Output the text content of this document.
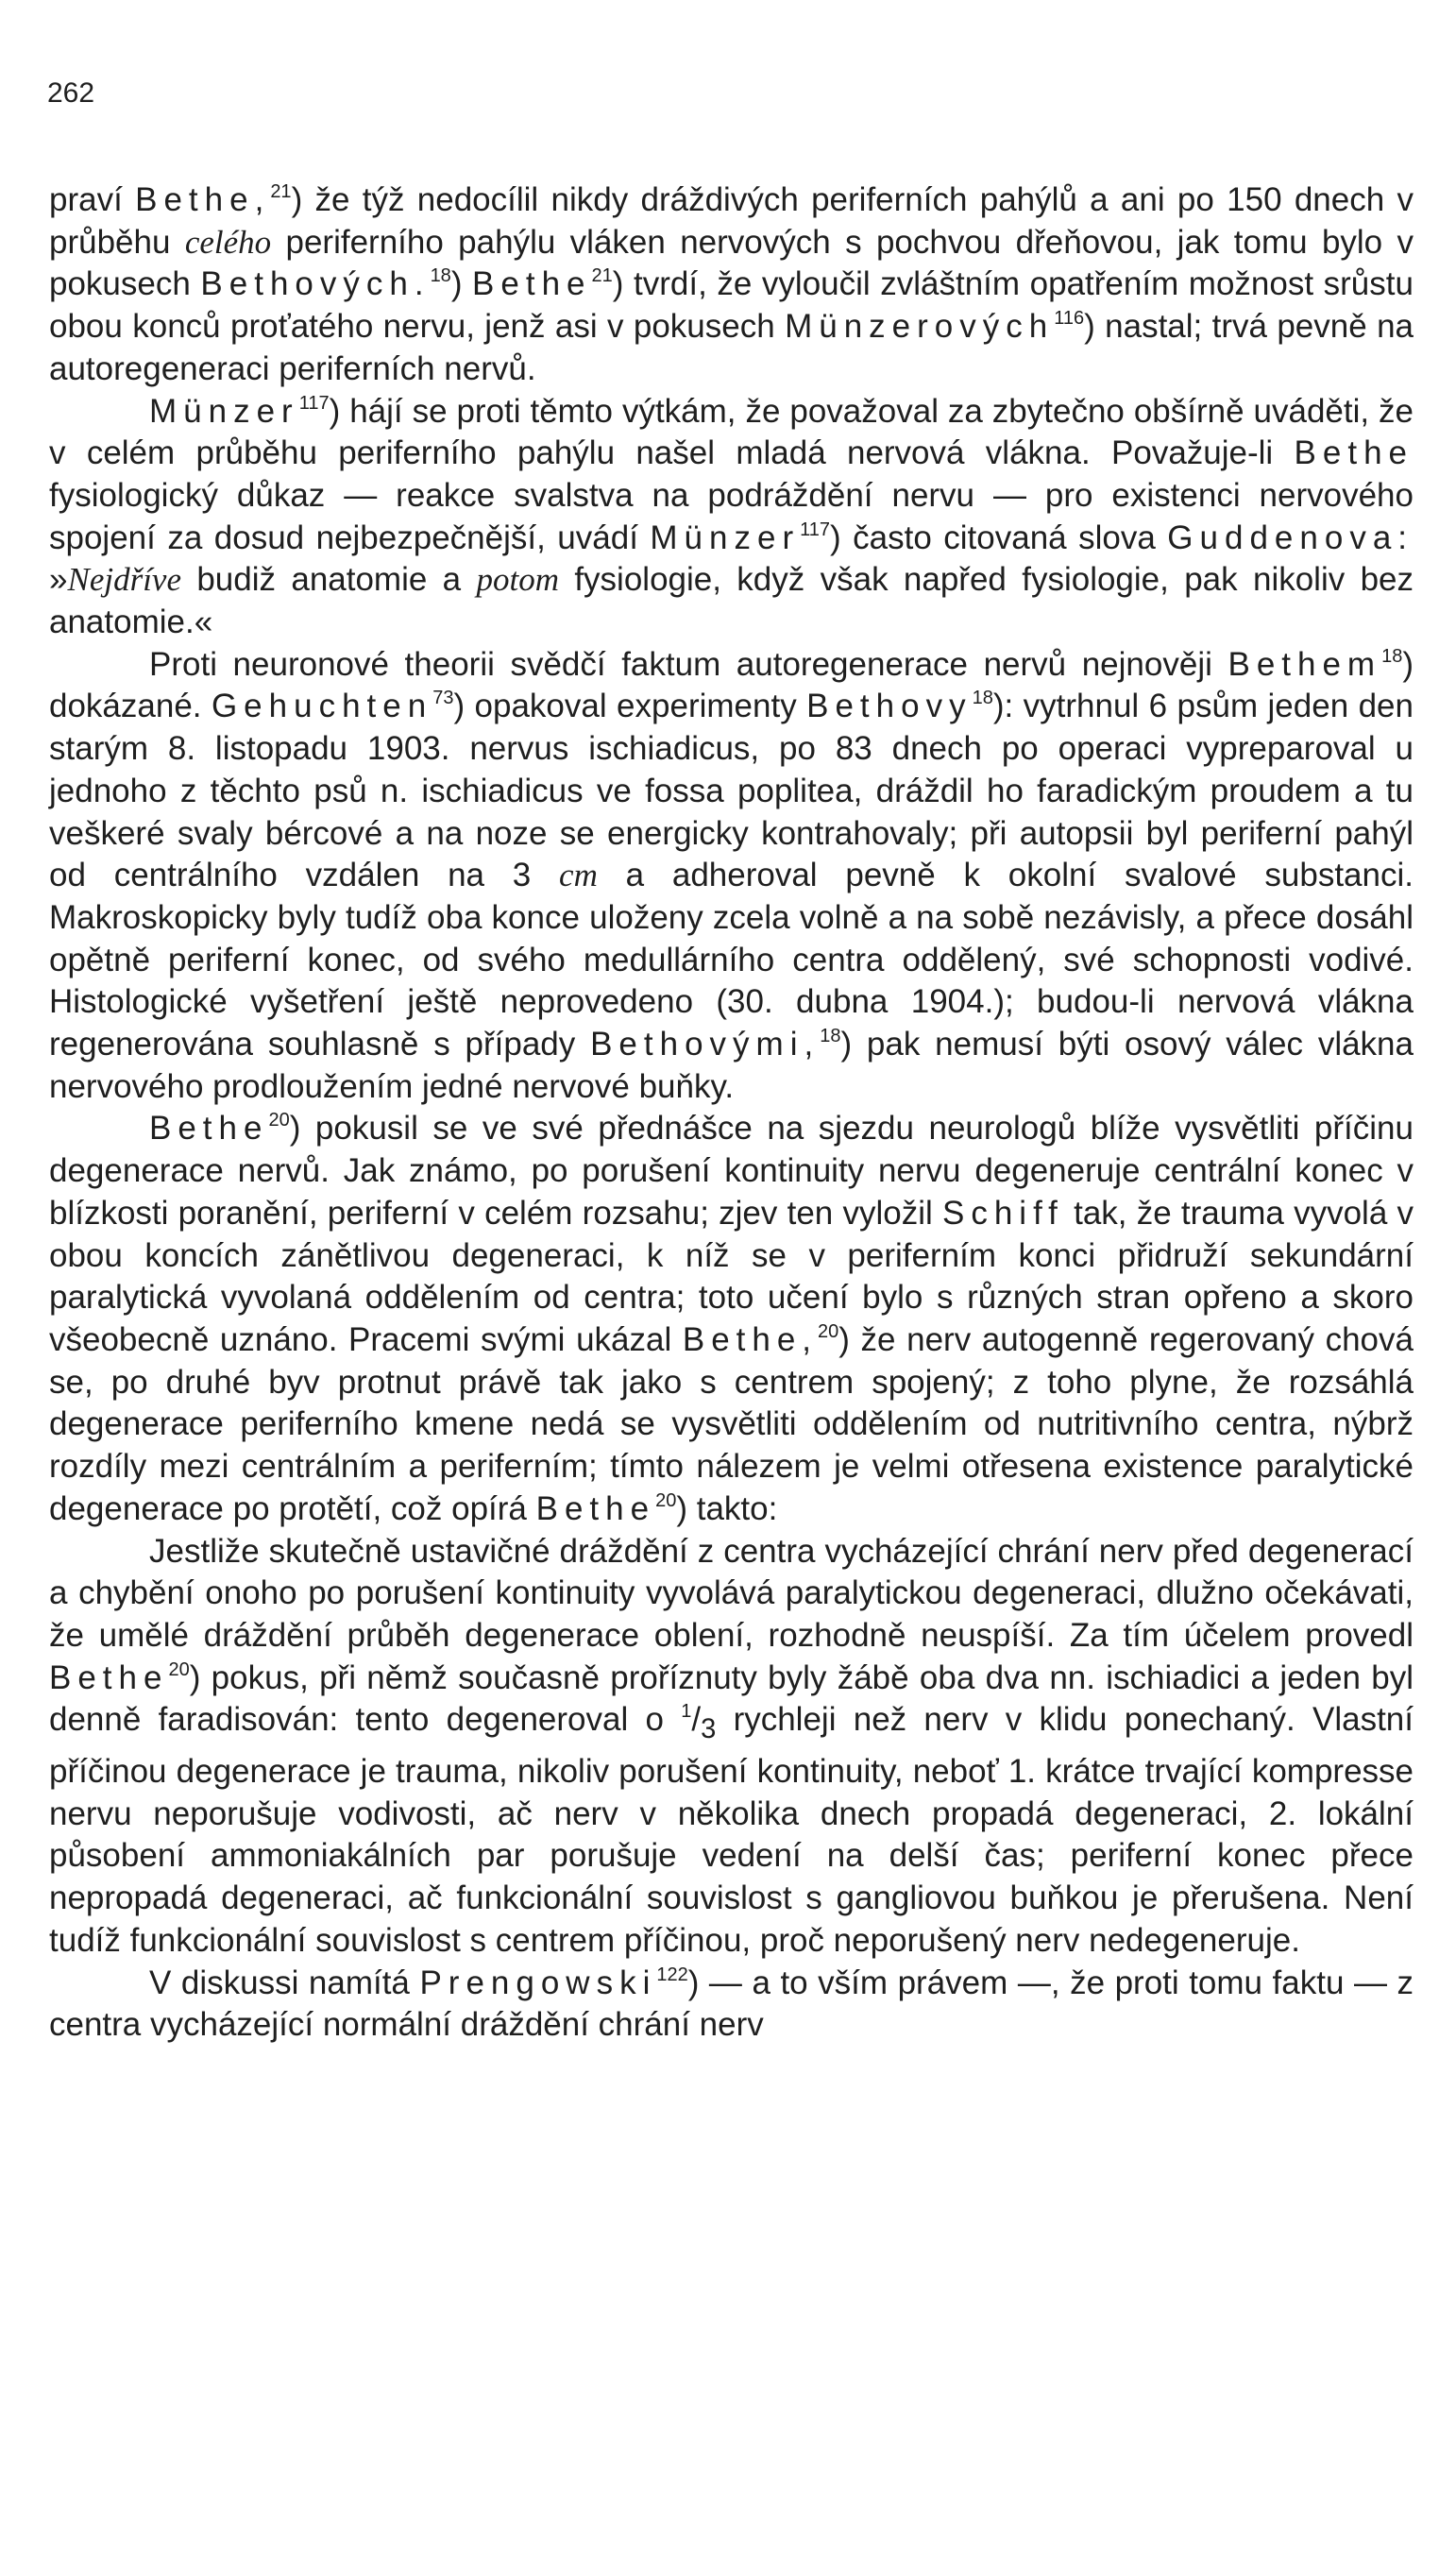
262

praví Bethe,$^{21}$) že týž nedocílil nikdy dráždivých periferních pahýlů a ani po 150 dnech v průběhu celého periferního pahýlu vláken nervových s pochvou dřeňovou, jak tomu bylo v pokusech Bethových.$^{18}$) Bethe$^{21}$) tvrdí, že vyloučil zvláštním opatřením možnost srůstu obou konců proťatého nervu, jenž asi v pokusech Münzerových$^{116}$) nastal; trvá pevně na autoregeneraci periferních nervů.

Münzer$^{117}$) hájí se proti těmto výtkám, že považoval za zbytečno obšírně uváděti, že v celém průběhu periferního pahýlu našel mladá nervová vlákna. Považuje-li Bethe fysiologický důkaz — reakce svalstva na podráždění nervu — pro existenci nervového spojení za dosud nejbezpečnější, uvádí Münzer$^{117}$) často citovaná slova Guddenova: »Nejdříve budiž anatomie a potom fysiologie, když však napřed fysiologie, pak nikoliv bez anatomie.«

Proti neuronové theorii svědčí faktum autoregenerace nervů nejnověji Bethem$^{18}$) dokázané. Gehuchten$^{73}$) opakoval experimenty Bethovy$^{18}$): vytrhnul 6 psům jeden den starým 8. listopadu 1903. nervus ischiadicus, po 83 dnech po operaci vypreparoval u jednoho z těchto psů n. ischiadicus ve fossa poplitea, dráždil ho faradickým proudem a tu veškeré svaly bércové a na noze se energicky kontrahovaly; při autopsii byl periferní pahýl od centrálního vzdálen na 3 cm a adheroval pevně k okolní svalové substanci. Makroskopicky byly tudíž oba konce uloženy zcela volně a na sobě nezávisly, a přece dosáhl opětně periferní konec, od svého medullárního centra oddělený, své schopnosti vodivé. Histologické vyšetření ještě neprovedeno (30. dubna 1904.); budou-li nervová vlákna regenerována souhlasně s případy Bethovými,$^{18}$) pak nemusí býti osový válec vlákna nervového prodloužením jedné nervové buňky.

Bethe$^{20}$) pokusil se ve své přednášce na sjezdu neurologů blíže vysvětliti příčinu degenerace nervů. Jak známo, po porušení kontinuity nervu degeneruje centrální konec v blízkosti poranění, periferní v celém rozsahu; zjev ten vyložil Schiff tak, že trauma vyvolá v obou koncích zánětlivou degeneraci, k níž se v periferním konci přidruží sekundární paralytická vyvolaná oddělením od centra; toto učení bylo s různých stran opřeno a skoro všeobecně uznáno. Pracemi svými ukázal Bethe,$^{20}$) že nerv autogenně regerovaný chová se, po druhé byv protnut právě tak jako s centrem spojený; z toho plyne, že rozsáhlá degenerace periferního kmene nedá se vysvětliti oddělením od nutritivního centra, nýbrž rozdíly mezi centrálním a periferním; tímto nálezem je velmi otřesena existence paralytické degenerace po protětí, což opírá Bethe$^{20}$) takto:

Jestliže skutečně ustavičné dráždění z centra vycházející chrání nerv před degenerací a chybění onoho po porušení kontinuity vyvolává paralytickou degeneraci, dlužno očekávati, že umělé dráždění průběh degenerace oblení, rozhodně neuspíší. Za tím účelem provedl Bethe$^{20}$) pokus, při němž současně proříznuty byly žábě oba dva nn. ischiadici a jeden byl denně faradisován: tento degeneroval o $^1/_3$ rychleji než nerv v klidu ponechaný. Vlastní příčinou degenerace je trauma, nikoliv porušení kontinuity, neboť 1. krátce trvající kompresse nervu neporušuje vodivosti, ač nerv v několika dnech propadá degeneraci, 2. lokální působení ammoniakálních par porušuje vedení na delší čas; periferní konec přece nepropadá degeneraci, ač funkcionální souvislost s gangliovou buňkou je přerušena. Není tudíž funkcionální souvislost s centrem příčinou, proč neporušený nerv nedegeneruje.

V diskussi namítá Prengowski$^{122}$) — a to vším právem —, že proti tomu faktu — z centra vycházející normální dráždění chrání nerv
